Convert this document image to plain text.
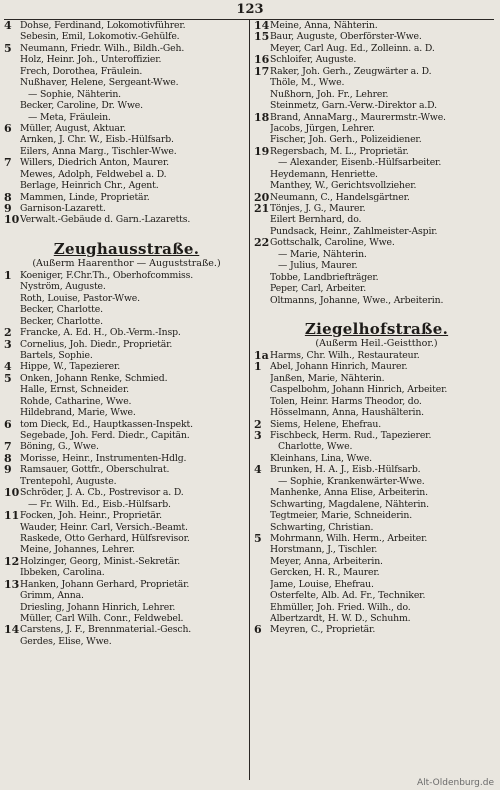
123
4 Dohse, Ferdinand, Lokomotivführer.
Sebesin, Emil, Lokomotiv.-Gehülfe.
5 Neumann, Friedr. Wilh., Bildh.-Geh.
Holz, Heinr. Joh., Unteroffizier.
Frech, Dorothea, Fräulein.
Nußhaver, Helene, Sergeant-Wwe.
— Sophie, Nähterin.
Becker, Caroline, Dr. Wwe.
— Meta, Fräulein.
6 Müller, August, Aktuar.
Arnken, J. Chr. W., Eisb.-Hülfsarb.
Eilers, Anna Marg., Tischler-Wwe.
7 Willers, Diedrich Anton, Maurer.
Mewes, Adolph, Feldwebel a. D.
Berlage, Heinrich Chr., Agent.
8 Mammen, Linde, Proprietär.
9 Garnison-Lazarett.
10 Verwalt.-Gebäude d. Garn.-Lazaretts.
Zeughausstraße.
(Außerm Haarenthor — Auguststraße.)
1 Koeniger, F.Chr.Th., Oberhofcommiss.
Nyström, Auguste.
Roth, Louise, Pastor-Wwe.
Becker, Charlotte.
Becker, Charlotte.
2 Francke, A. Ed. H., Ob.-Verm.-Insp.
3 Cornelius, Joh. Diedr., Proprietär.
Bartels, Sophie.
4 Hippe, W., Tapezierer.
5 Onken, Johann Renke, Schmied.
Halle, Ernst, Schneider.
Rohde, Catharine, Wwe.
Hildebrand, Marie, Wwe.
6 tom Dieck, Ed., Hauptkassen-Inspekt.
Segebade, Joh. Ferd. Diedr., Capitän.
7 Böning, G., Wwe.
8 Morisse, Heinr., Instrumenten-Hdlg.
9 Ramsauer, Gottfr., Oberschulrat.
Trentepohl, Auguste.
10 Schröder, J. A. Cb., Postrevisor a. D.
— Fr. Wilh. Ed., Eisb.-Hülfsarb.
11 Focken, Joh. Heinr., Proprietär.
Wauder, Heinr. Carl, Versich.-Beamt.
Raskede, Otto Gerhard, Hülfsrevisor.
Meine, Johannes, Lehrer.
12 Holzinger, Georg, Minist.-Sekretär.
Ibbeken, Carolina.
13 Hanken, Johann Gerhard, Proprietär.
Grimm, Anna.
Driesling, Johann Hinrich, Lehrer.
Müller, Carl Wilh. Conr., Feldwebel.
14 Carstens, J. F., Brennmaterial.-Gesch.
Gerdes, Elise, Wwe.
14 Meine, Anna, Nähterin.
15 Baur, Auguste, Oberförster-Wwe.
Meyer, Carl Aug. Ed., Zolleinn. a. D.
16 Schloifer, Auguste.
17 Raker, Joh. Gerh., Zeugwärter a. D.
Thöle, M., Wwe.
Nußhorn, Joh. Fr., Lehrer.
Steinmetz, Garn.-Verw.-Direktor a.D.
18 Brand, AnnaMarg., Maurermstr.-Wwe.
Jacobs, Jürgen, Lehrer.
Fischer, Joh. Gerh., Polizeidiener.
19 Regersbach, M. L., Proprietär.
— Alexander, Eisenb.-Hülfsarbeiter.
Heydemann, Henriette.
Manthey, W., Gerichtsvollzieher.
20 Neumann, C., Handelsgärtner.
21 Tönjes, J. G., Maurer.
Eilert Bernhard, do.
Pundsack, Heinr., Zahlmeister-Aspir.
22 Gottschalk, Caroline, Wwe.
— Marie, Nähterin.
— Julius, Maurer.
Tobbe, Landbriefträger.
Peper, Carl, Arbeiter.
Oltmanns, Johanne, Wwe., Arbeiterin.
Ziegelhofstraße.
(Außerm Heil.-Geistthor.)
1a Harms, Chr. Wilh., Restaurateur.
1 Abel, Johann Hinrich, Maurer.
Janßen, Marie, Nähterin.
Caspelbohm, Johann Hinrich, Arbeiter.
Tolen, Heinr. Harms Theodor, do.
Hösselmann, Anna, Haushälterin.
2 Siems, Helene, Ehefrau.
3 Fischbeck, Herm. Rud., Tapezierer.
Charlotte, Wwe.
Kleinhans, Lina, Wwe.
4 Brunken, H. A. J., Eisb.-Hülfsarb.
— Sophie, Krankenwärter-Wwe.
Manhenke, Anna Elise, Arbeiterin.
Schwarting, Magdalene, Nähterin.
Tegtmeier, Marie, Schneiderin.
Schwarting, Christian.
5 Mohrmann, Wilh. Herm., Arbeiter.
Horstmann, J., Tischler.
Meyer, Anna, Arbeiterin.
Gercken, H. R., Maurer.
Jame, Louise, Ehefrau.
Osterfelte, Alb. Ad. Fr., Techniker.
Ehmüller, Joh. Fried. Wilh., do.
Albertzardt, H. W. D., Schuhm.
6 Meyren, C., Proprietär.
Alt-Oldenburg.de
